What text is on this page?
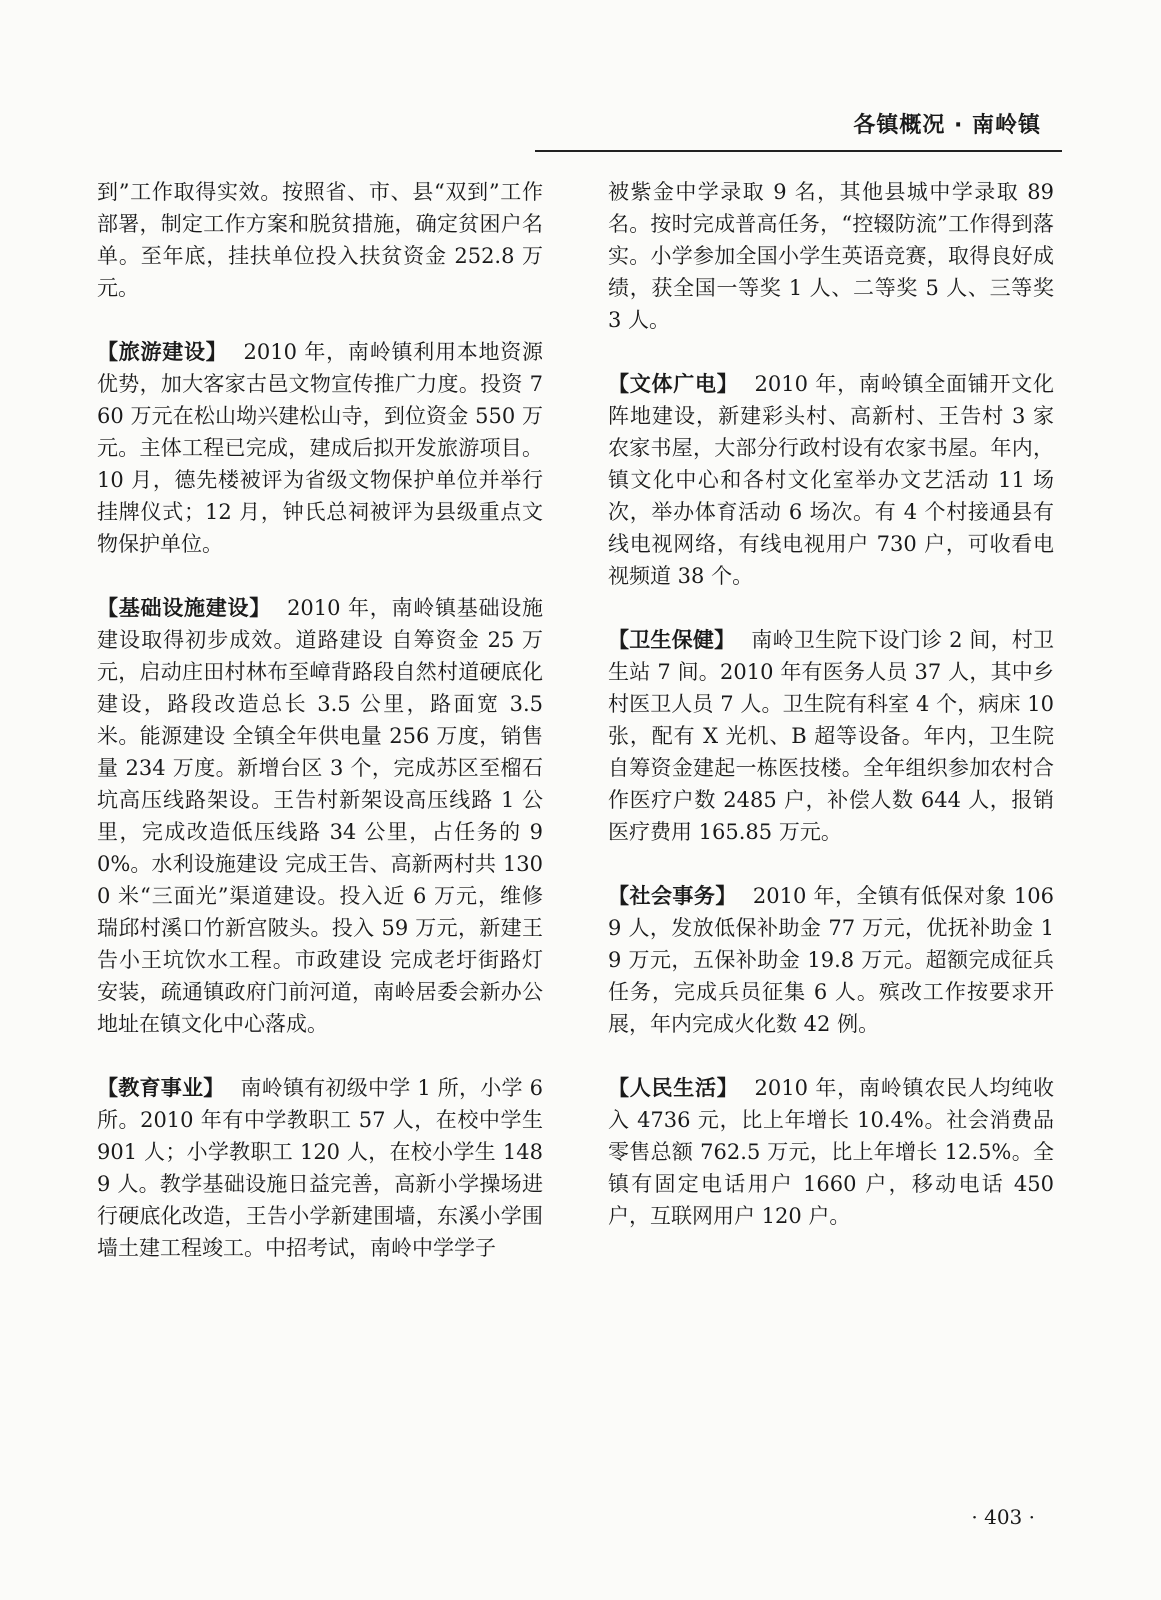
各镇概况 · 南岭镇

到”工作取得实效。按照省、市、县“双到”工作部署，制定工作方案和脱贫措施，确定贫困户名单。至年底，挂扶单位投入扶贫资金 252.8 万元。

【旅游建设】 2010 年，南岭镇利用本地资源优势，加大客家古邑文物宣传推广力度。投资 760 万元在松山坳兴建松山寺，到位资金 550 万元。主体工程已完成，建成后拟开发旅游项目。10 月，德先楼被评为省级文物保护单位并举行挂牌仪式；12 月，钟氏总祠被评为县级重点文物保护单位。

【基础设施建设】 2010 年，南岭镇基础设施建设取得初步成效。道路建设 自筹资金 25 万元，启动庄田村林布至嶂背路段自然村道硬底化建设，路段改造总长 3.5 公里，路面宽 3.5 米。能源建设 全镇全年供电量 256 万度，销售量 234 万度。新增台区 3 个，完成苏区至榴石坑高压线路架设。王告村新架设高压线路 1 公里，完成改造低压线路 34 公里，占任务的 90%。水利设施建设 完成王告、高新两村共 1300 米“三面光”渠道建设。投入近 6 万元，维修瑞邱村溪口竹新宫陂头。投入 59 万元，新建王告小王坑饮水工程。市政建设 完成老圩街路灯安装，疏通镇政府门前河道，南岭居委会新办公地址在镇文化中心落成。

【教育事业】 南岭镇有初级中学 1 所，小学 6 所。2010 年有中学教职工 57 人，在校中学生 901 人；小学教职工 120 人，在校小学生 1489 人。教学基础设施日益完善，高新小学操场进行硬底化改造，王告小学新建围墙，东溪小学围墙土建工程竣工。中招考试，南岭中学学子

被紫金中学录取 9 名，其他县城中学录取 89 名。按时完成普高任务，“控辍防流”工作得到落实。小学参加全国小学生英语竞赛，取得良好成绩，获全国一等奖 1 人、二等奖 5 人、三等奖 3 人。

【文体广电】 2010 年，南岭镇全面铺开文化阵地建设，新建彩头村、高新村、王告村 3 家农家书屋，大部分行政村设有农家书屋。年内，镇文化中心和各村文化室举办文艺活动 11 场次，举办体育活动 6 场次。有 4 个村接通县有线电视网络，有线电视用户 730 户，可收看电视频道 38 个。

【卫生保健】 南岭卫生院下设门诊 2 间，村卫生站 7 间。2010 年有医务人员 37 人，其中乡村医卫人员 7 人。卫生院有科室 4 个，病床 10 张，配有 X 光机、B 超等设备。年内，卫生院自筹资金建起一栋医技楼。全年组织参加农村合作医疗户数 2485 户，补偿人数 644 人，报销医疗费用 165.85 万元。

【社会事务】 2010 年，全镇有低保对象 1069 人，发放低保补助金 77 万元，优抚补助金 19 万元，五保补助金 19.8 万元。超额完成征兵任务，完成兵员征集 6 人。殡改工作按要求开展，年内完成火化数 42 例。

【人民生活】 2010 年，南岭镇农民人均纯收入 4736 元，比上年增长 10.4%。社会消费品零售总额 762.5 万元，比上年增长 12.5%。全镇有固定电话用户 1660 户，移动电话 450 户，互联网用户 120 户。

· 403 ·
